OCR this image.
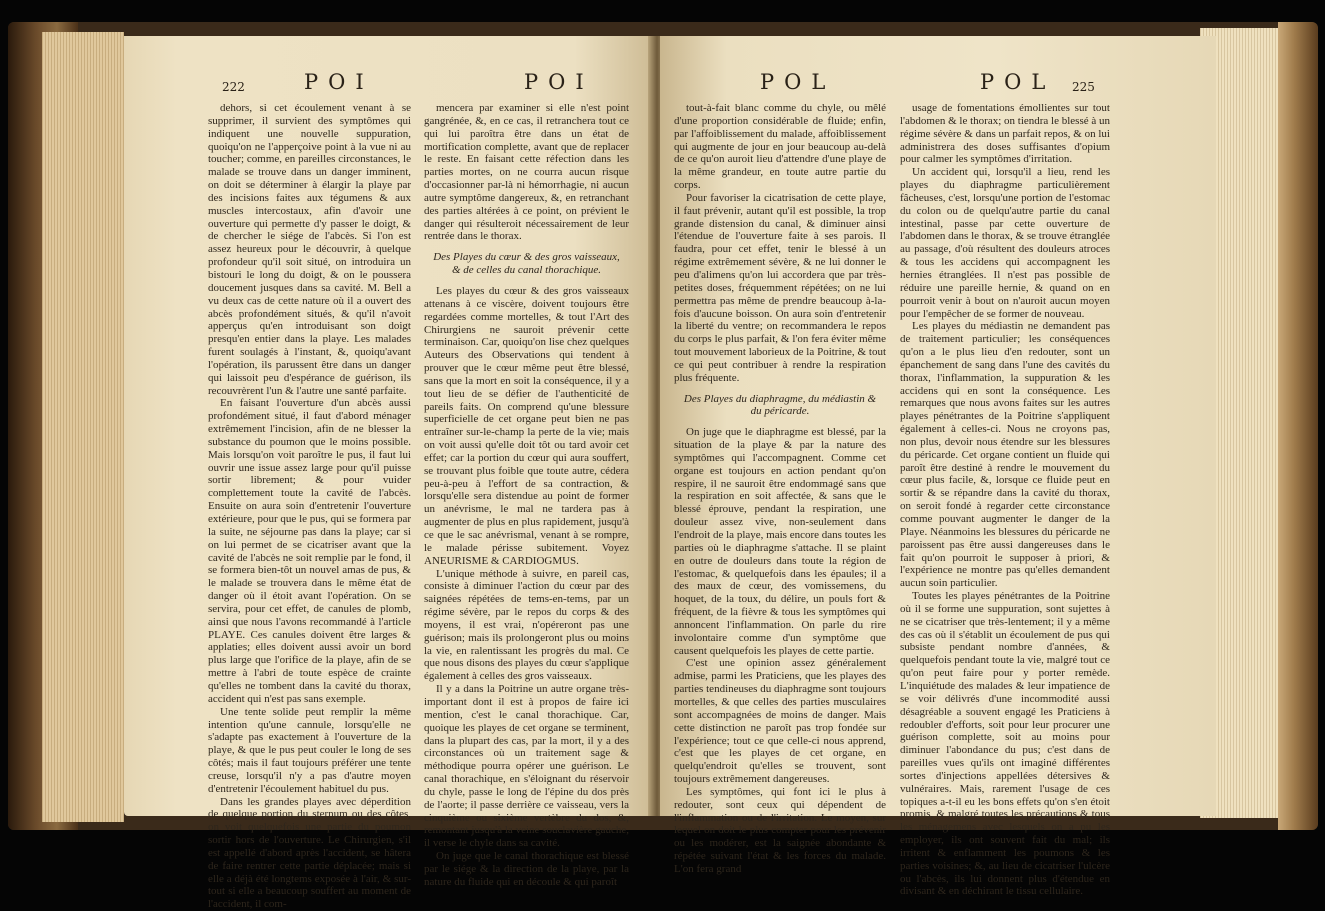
222	POI	POI

dehors, si cet écoulement venant à se supprimer, il survient des symptômes qui indiquent une nouvelle suppuration, quoiqu'on ne l'apperçoive point à la vue ni au toucher; comme, en pareilles circonstances, le malade se trouve dans un danger imminent, on doit se déterminer à élargir la playe par des incisions faites aux tégumens & aux muscles intercostaux, afin d'avoir une ouverture qui permette d'y passer le doigt, & de chercher le siége de l'abcès. Si l'on est assez heureux pour le découvrir, à quelque profondeur qu'il soit situé, on introduira un bistouri le long du doigt, & on le poussera doucement jusques dans sa cavité. M. Bell a vu deux cas de cette nature où il a ouvert des abcès profondément situés, & qu'il n'avoit apperçus qu'en introduisant son doigt presqu'en entier dans la playe. Les malades furent soulagés à l'instant, &, quoiqu'avant l'opération, ils parussent être dans un danger qui laissoit peu d'espérance de guérison, ils recouvrèrent l'un & l'autre une santé parfaite.

En faisant l'ouverture d'un abcès aussi profondément situé, il faut d'abord ménager extrêmement l'incision, afin de ne blesser la substance du poumon que le moins possible. Mais lorsqu'on voit paroître le pus, il faut lui ouvrir une issue assez large pour qu'il puisse sortir librement; & pour vuider complettement toute la cavité de l'abcès. Ensuite on aura soin d'entretenir l'ouverture extérieure, pour que le pus, qui se formera par la suite, ne séjourne pas dans la playe; car si on lui permet de se cicatriser avant que la cavité de l'abcès ne soit remplie par le fond, il se formera bien-tôt un nouvel amas de pus, & le malade se trouvera dans le même état de danger où il étoit avant l'opération. On se servira, pour cet effet, de canules de plomb, ainsi que nous l'avons recommandé à l'article PLAYE. Ces canules doivent être larges & applaties; elles doivent aussi avoir un bord plus large que l'orifice de la playe, afin de se mettre à l'abri de toute espèce de crainte qu'elles ne tombent dans la cavité du thorax, accident qui n'est pas sans exemple.

Une tente solide peut remplir la même intention qu'une cannule, lorsqu'elle ne s'adapte pas exactement à l'ouverture de la playe, & que le pus peut couler le long de ses côtés; mais il faut toujours préférer une tente creuse, lorsqu'il n'y a pas d'autre moyen d'entretenir l'écoulement habituel du pus.

Dans les grandes playes avec déperdition de quelque portion du sternum ou des côtes, on voit quelquefois une partie du poumon sortir hors de l'ouverture. Le Chirurgien, s'il est appellé d'abord après l'accident, se hâtera de faire rentrer cette partie déplacée; mais si elle a déjà été longtems exposée à l'air, & sur-tout si elle a beaucoup souffert au moment de l'accident, il com-

mencera par examiner si elle n'est point gangrénée, &, en ce cas, il retranchera tout ce qui lui paroîtra être dans un état de mortification complette, avant que de replacer le reste. En faisant cette réfection dans les parties mortes, on ne courra aucun risque d'occasionner par-là ni hémorrhagie, ni aucun autre symptôme dangereux, &, en retranchant des parties altérées à ce point, on prévient le danger qui résulteroit nécessairement de leur rentrée dans le thorax.

Des Playes du cœur & des gros vaisseaux, & de celles du canal thorachique.

Les playes du cœur & des gros vaisseaux attenans à ce viscère, doivent toujours être regardées comme mortelles, & tout l'Art des Chirurgiens ne sauroit prévenir cette terminaison. Car, quoiqu'on lise chez quelques Auteurs des Observations qui tendent à prouver que le cœur même peut être blessé, sans que la mort en soit la conséquence, il y a tout lieu de se défier de l'authenticité de pareils faits. On comprend qu'une blessure superficielle de cet organe peut bien ne pas entraîner sur-le-champ la perte de la vie; mais on voit aussi qu'elle doit tôt ou tard avoir cet effet; car la portion du cœur qui aura souffert, se trouvant plus foible que toute autre, cédera peu-à-peu à l'effort de sa contraction, & lorsqu'elle sera distendue au point de former un anévrisme, le mal ne tardera pas à augmenter de plus en plus rapidement, jusqu'à ce que le sac anévrismal, venant à se rompre, le malade périsse subitement. Voyez ANEURISME & CARDIOGMUS.

L'unique méthode à suivre, en pareil cas, consiste à diminuer l'action du cœur par des saignées répétées de tems-en-tems, par un régime sévère, par le repos du corps & des moyens, il est vrai, n'opéreront pas une guérison; mais ils prolongeront plus ou moins la vie, en ralentissant les progrès du mal. Ce que nous disons des playes du cœur s'applique également à celles des gros vaisseaux.

Il y a dans la Poitrine un autre organe très-important dont il est à propos de faire ici mention, c'est le canal thorachique. Car, quoique les playes de cet organe se terminent, dans la plupart des cas, par la mort, il y a des circonstances où un traitement sage & méthodique pourra opérer une guérison. Le canal thorachique, en s'éloignant du réservoir du chyle, passe le long de l'épine du dos près de l'aorte; il passe derrière ce vaisseau, vers la cinquième ou sixième vertèbre du dos, &, remontant jusqu'à la veine souclavière gauche, il verse le chyle dans sa cavité.

On juge que le canal thorachique est blessé par le siége & la direction de la playe, par la nature du fluide qui en découle & qui paroît

POL	POL 225

tout-à-fait blanc comme du chyle, ou mêlé d'une proportion considérable de fluide; enfin, par l'affoiblissement du malade, affoiblissement qui augmente de jour en jour beaucoup au-delà de ce qu'on auroit lieu d'attendre d'une playe de la même grandeur, en toute autre partie du corps.

Pour favoriser la cicatrisation de cette playe, il faut prévenir, autant qu'il est possible, la trop grande distension du canal, & diminuer ainsi l'étendue de l'ouverture faite à ses parois. Il faudra, pour cet effet, tenir le blessé à un régime extrêmement sévère, & ne lui donner le peu d'alimens qu'on lui accordera que par très-petites doses, fréquemment répétées; on ne lui permettra pas même de prendre beaucoup à-la-fois d'aucune boisson. On aura soin d'entretenir la liberté du ventre; on recommandera le repos du corps le plus parfait, & l'on fera éviter même tout mouvement laborieux de la Poitrine, & tout ce qui peut contribuer à rendre la respiration plus fréquente.

Des Playes du diaphragme, du médiastin & du péricarde.

On juge que le diaphragme est blessé, par la situation de la playe & par la nature des symptômes qui l'accompagnent. Comme cet organe est toujours en action pendant qu'on respire, il ne sauroit être endommagé sans que la respiration en soit affectée, & sans que le blessé éprouve, pendant la respiration, une douleur assez vive, non-seulement dans l'endroit de la playe, mais encore dans toutes les parties où le diaphragme s'attache. Il se plaint en outre de douleurs dans toute la région de l'estomac, & quelquefois dans les épaules; il a des maux de cœur, des vomissemens, du hoquet, de la toux, du délire, un pouls fort & fréquent, de la fièvre & tous les symptômes qui annoncent l'inflammation. On parle du rire involontaire comme d'un symptôme que causent quelquefois les playes de cette partie.

C'est une opinion assez généralement admise, parmi les Praticiens, que les playes des parties tendineuses du diaphragme sont toujours mortelles, & que celles des parties musculaires sont accompagnées de moins de danger. Mais cette distinction ne paroît pas trop fondée sur l'expérience; tout ce que celle-ci nous apprend, c'est que les playes de cet organe, en quelqu'endroit qu'elles se trouvent, sont toujours extrêmement dangereuses.

Les symptômes, qui font ici le plus à redouter, sont ceux qui dépendent de l'inflammation ou de l'irritation. Le moyen, sur lequel on doit le plus compter pour les prévenir ou les modérer, est la saignée abondante & répétée suivant l'état & les forces du malade. L'on fera grand

usage de fomentations émollientes sur tout l'abdomen & le thorax; on tiendra le blessé à un régime sévère & dans un parfait repos, & on lui administrera des doses suffisantes d'opium pour calmer les symptômes d'irritation.

Un accident qui, lorsqu'il a lieu, rend les playes du diaphragme particulièrement fâcheuses, c'est, lorsqu'une portion de l'estomac du colon ou de quelqu'autre partie du canal intestinal, passe par cette ouverture de l'abdomen dans le thorax, & se trouve étranglée au passage, d'où résultent des douleurs atroces & tous les accidens qui accompagnent les hernies étranglées. Il n'est pas possible de réduire une pareille hernie, & quand on en pourroit venir à bout on n'auroit aucun moyen pour l'empêcher de se former de nouveau.

Les playes du médiastin ne demandent pas de traitement particulier; les conséquences qu'on a le plus lieu d'en redouter, sont un épanchement de sang dans l'une des cavités du thorax, l'inflammation, la suppuration & les accidens qui en sont la conséquence. Les remarques que nous avons faites sur les autres playes pénétrantes de la Poitrine s'appliquent également à celles-ci. Nous ne croyons pas, non plus, devoir nous étendre sur les blessures du péricarde. Cet organe contient un fluide qui paroît être destiné à rendre le mouvement du cœur plus facile, &, lorsque ce fluide peut en sortir & se répandre dans la cavité du thorax, on seroit fondé à regarder cette circonstance comme pouvant augmenter le danger de la Playe. Néanmoins les blessures du péricarde ne paroissent pas être aussi dangereuses dans le fait qu'on pourroit le supposer à priori, & l'expérience ne montre pas qu'elles demandent aucun soin particulier.

Toutes les playes pénétrantes de la Poitrine où il se forme une suppuration, sont sujettes à ne se cicatriser que très-lentement; il y a même des cas où il s'établit un écoulement de pus qui subsiste pendant nombre d'années, & quelquefois pendant toute la vie, malgré tout ce qu'on peut faire pour y porter remède. L'inquiétude des malades & leur impatience de se voir délivrés d'une incommodité aussi désagréable a souvent engagé les Praticiens à redoubler d'efforts, soit pour leur procurer une guérison complette, soit au moins pour diminuer l'abondance du pus; c'est dans de pareilles vues qu'ils ont imaginé différentes sortes d'injections appellées détersives & vulnéraires. Mais, rarement l'usage de ces topiques a-t-il eu les bons effets qu'on s'en étoit promis, & malgré toutes les précautions & tous les ménagemens avec lesquels on a pu les employer, ils ont souvent fait du mal; ils irritent & enflamment les poumons & les parties voisines; &, au lieu de cicatriser l'ulcère ou l'abcès, ils lui donnent plus d'étendue en divisant & en déchirant le tissu cellulaire.
